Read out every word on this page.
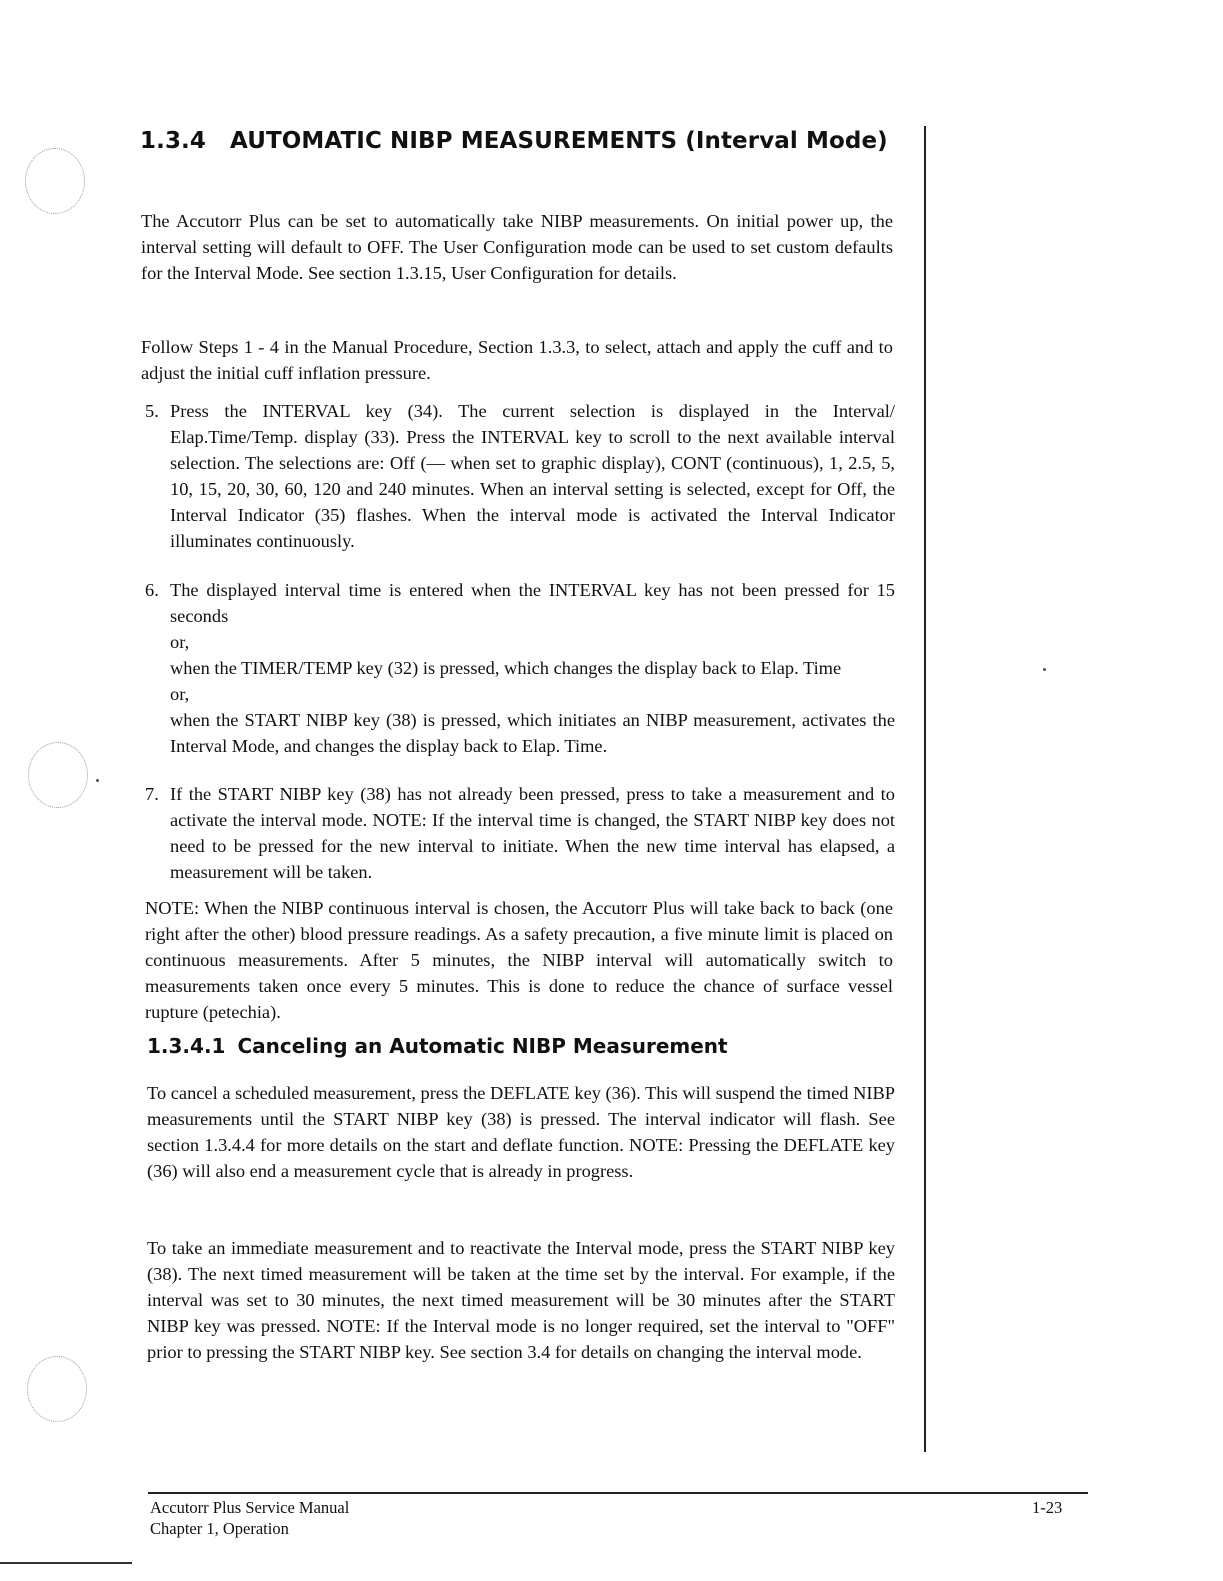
1.3.4 AUTOMATIC NIBP MEASUREMENTS (Interval Mode)

The Accutorr Plus can be set to automatically take NIBP measurements. On initial power up, the interval setting will default to OFF. The User Configuration mode can be used to set custom defaults for the Interval Mode. See section 1.3.15, User Configuration for details.

Follow Steps 1 - 4 in the Manual Procedure, Section 1.3.3, to select, attach and apply the cuff and to adjust the initial cuff inflation pressure.

5. Press the INTERVAL key (34). The current selection is displayed in the Interval/ Elap.Time/Temp. display (33). Press the INTERVAL key to scroll to the next available interval selection. The selections are: Off (— when set to graphic display), CONT (continuous), 1, 2.5, 5, 10, 15, 20, 30, 60, 120 and 240 minutes. When an interval setting is selected, except for Off, the Interval Indicator (35) flashes. When the interval mode is activated the Interval Indicator illuminates continuously.

6. The displayed interval time is entered when the INTERVAL key has not been pressed for 15 seconds

or,

when the TIMER/TEMP key (32) is pressed, which changes the display back to Elap. Time

or,

when the START NIBP key (38) is pressed, which initiates an NIBP measurement, activates the Interval Mode, and changes the display back to Elap. Time.

7. If the START NIBP key (38) has not already been pressed, press to take a measurement and to activate the interval mode. NOTE: If the interval time is changed, the START NIBP key does not need to be pressed for the new interval to initiate. When the new time interval has elapsed, a measurement will be taken.

NOTE: When the NIBP continuous interval is chosen, the Accutorr Plus will take back to back (one right after the other) blood pressure readings. As a safety precaution, a five minute limit is placed on continuous measurements. After 5 minutes, the NIBP interval will automatically switch to measurements taken once every 5 minutes. This is done to reduce the chance of surface vessel rupture (petechia).

1.3.4.1 Canceling an Automatic NIBP Measurement

To cancel a scheduled measurement, press the DEFLATE key (36). This will suspend the timed NIBP measurements until the START NIBP key (38) is pressed. The interval indicator will flash. See section 1.3.4.4 for more details on the start and deflate function. NOTE: Pressing the DEFLATE key (36) will also end a measurement cycle that is already in progress.

To take an immediate measurement and to reactivate the Interval mode, press the START NIBP key (38). The next timed measurement will be taken at the time set by the interval. For example, if the interval was set to 30 minutes, the next timed measurement will be 30 minutes after the START NIBP key was pressed. NOTE: If the Interval mode is no longer required, set the interval to "OFF" prior to pressing the START NIBP key. See section 3.4 for details on changing the interval mode.

Accutorr Plus Service Manual
Chapter 1, Operation
1-23
